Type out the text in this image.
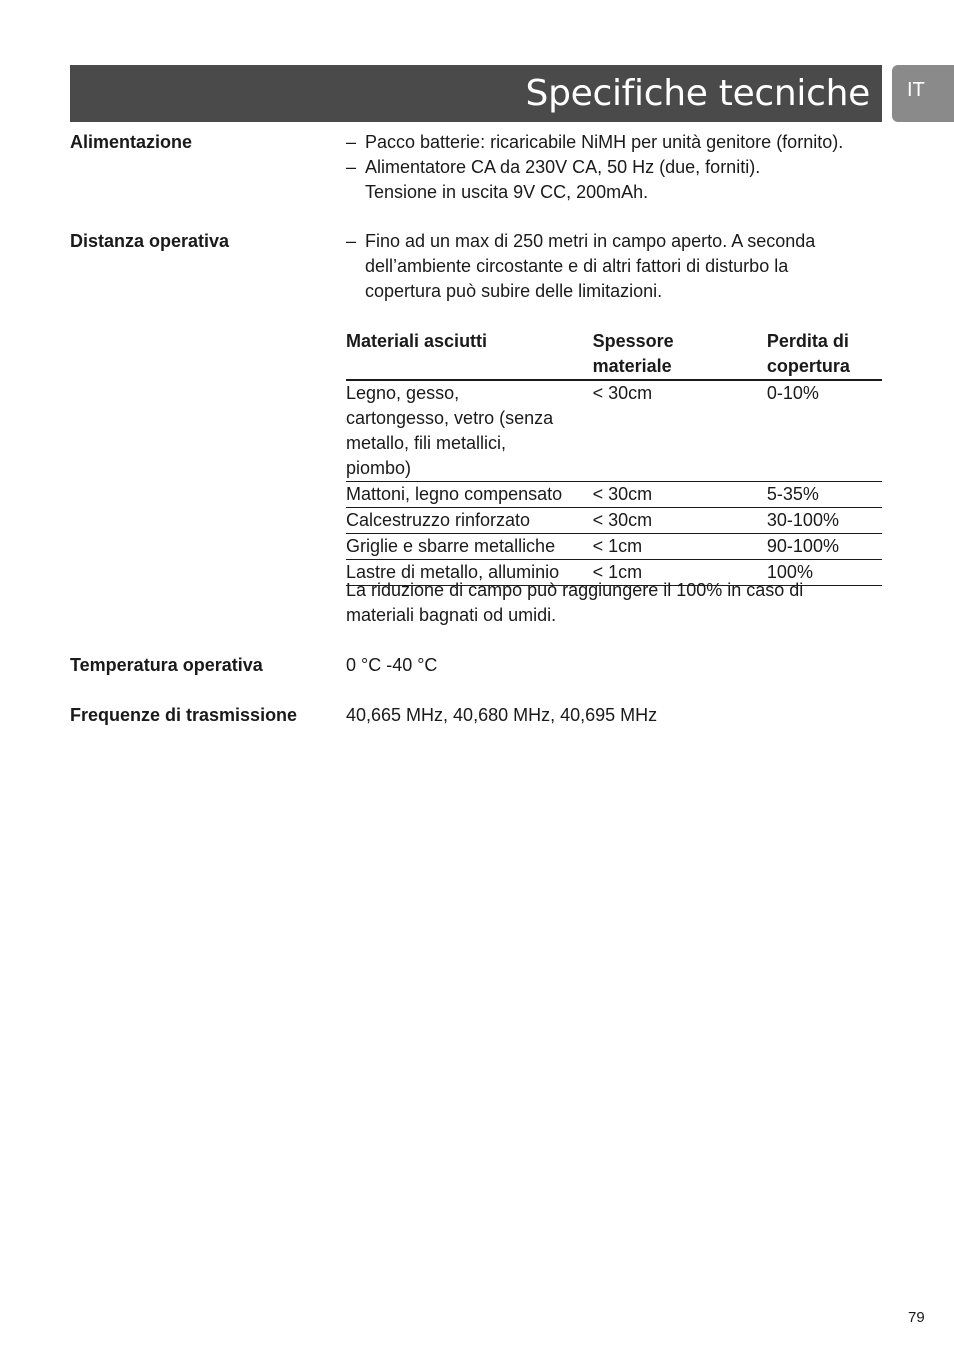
Specifiche tecniche	IT
Alimentazione	– Pacco batterie: ricaricabile NiMH per unità genitore (fornito).
– Alimentatore CA da 230V CA, 50 Hz (due, forniti).
Tensione in uscita 9V CC, 200mAh.
Distanza operativa	– Fino ad un max di 250 metri in campo aperto. A seconda dell’ambiente circostante e di altri fattori di disturbo la copertura può subire delle limitazioni.
Materiali asciutti	Spessore materiale	Perdita di copertura
Legno, gesso, cartongesso, vetro (senza metallo, fili metallici, piombo)	< 30cm	0-10%
Mattoni, legno compensato	< 30cm	5-35%
Calcestruzzo rinforzato	< 30cm	30-100%
Griglie e sbarre metalliche	< 1cm	90-100%
Lastre di metallo, alluminio	< 1cm	100%
La riduzione di campo può raggiungere il 100% in caso di materiali bagnati od umidi.
Temperatura operativa	0 °C -40 °C
Frequenze di trasmissione	40,665 MHz, 40,680 MHz, 40,695 MHz
79
